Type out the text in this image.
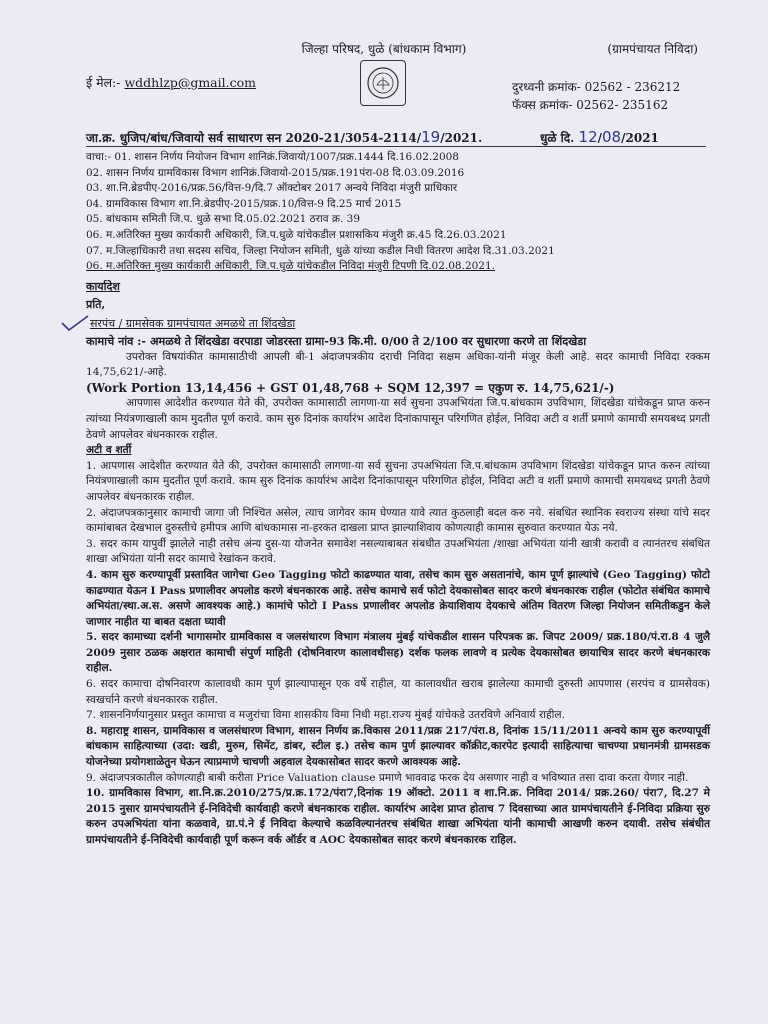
जिल्हा परिषद, धुळे (बांधकाम विभाग)	(ग्रामपंचायत निविदा)
ई मेल:- wddhlzp@gmail.com	दुरध्वनी क्रमांक- 02562 - 236212
फॅक्स क्रमांक- 02562- 235162
जा.क्र. धुजिप/बांध/जिवायो सर्व साधारण सन 2020-21/3054-2114/19/2021.	धुळे दि. 12/08/2021
वाचा:- 01. शासन निर्णय नियोजन विभाग शानिक्रं.जिवायो/1007/प्रक्र.1444 दि.16.02.2008
02. शासन निर्णय ग्रामविकास विभाग शानिक्रं.जिवायो-2015/प्रक्र.191पंरा-08 दि.03.09.2016
03. शा.नि.ब्रेडपीए-2016/प्रक्र.56/वित्त-9/दि.7 ऑक्टोबर 2017 अन्वये निविदा मंजुरी प्राधिकार
04. ग्रामविकास विभाग शा.नि.ब्रेडपीए-2015/प्रक्र.10/वित्त-9 दि.25 मार्च 2015
05. बांधकाम समिती जि.प. धुळे सभा दि.05.02.2021 ठराव क्र. 39
06. म.अतिरिक्त मुख्य कार्यकारी अधिकारी, जि.प.धुळे यांचेकडील प्रशासकिय मंजुरी क्र.45 दि.26.03.2021
07. म.जिल्हाधिकारी तथा सदस्य सचिव, जिल्हा नियोजन समिती, धुळे यांच्या कडील निधी वितरण आदेश दि.31.03.2021
06. म.अतिरिक्त मुख्य कार्यकारी अधिकारी, जि.प.धुळे यांचेकडील निविदा मंजुरी टिपणी दि.02.08.2021.
कार्यादेश
प्रति,
सरपंच / ग्रामसेवक ग्रामपंचायत अमळथे ता शिंदखेडा

कामाचे नांव :- अमळथे ते शिंदखेडा वरपाडा जोडरस्ता ग्रामा-93 कि.मी. 0/00 ते 2/100 वर सुधारणा करणे ता शिंदखेडा

उपरोक्त विषयांकीत कामासाठीची आपली बी-1 अंदाजपत्रकीय दराची निविदा सक्षम अधिका-यांनी मंजूर केली आहे. सदर कामाची निविदा रक्कम 14,75,621/-आहे.

(Work Portion 13,14,456 + GST 01,48,768 + SQM 12,397 = एकुण रु. 14,75,621/-)

आपणास आदेशीत करण्यात येते की, उपरोक्त कामासाठी लागणा-या सर्व सुचना उपअभियंता जि.प.बांधकाम उपविभाग, शिंदखेडा यांचेकडून प्राप्त करुन त्यांच्या नियंत्रणाखाली काम मुदतीत पूर्ण करावे. काम सुरु दिनांक कार्यारंभ आदेश दिनांकापासून परिगणित होईल, निविदा अटी व शर्ती प्रमाणे कामाची समयबध्द प्रगती ठेवणे आपलेवर बंधनकारक राहील.

अटी व शर्ती

1. आपणास आदेशीत करण्यात येते की, उपरोक्त कामासाठी लागणा-या सर्व सुचना उपअभियंता जि.प.बांधकाम उपविभाग शिंदखेडा यांचेकडून प्राप्त करुन त्यांच्या नियंत्रणाखाली काम मुदतीत पूर्ण करावे. काम सुरु दिनांक कार्यारंभ आदेश दिनांकापासून परिगणित होईल, निविदा अटी व शर्ती प्रमाणे कामाची समयबध्द प्रगती ठेवणे आपलेवर बंधनकारक राहील.

2. अंदाजपत्रकानुसार कामाची जागा जी निश्चित असेल, त्याच जागेवर काम घेण्यात यावे त्यात कुठलाही बदल करु नये. संबधित स्थानिक स्वराज्य संस्था यांचे सदर कामांबाबत देखभाल दुरुस्तीचे हमीपत्र आणि बांधकामास ना-हरकत दाखला प्राप्त झाल्याशिवाय कोणत्याही कामास सुरुवात करण्यात येऊ नये.

3. सदर काम यापुर्वी झालेले नाही तसेच अंन्य दुस-या योजनेत समावेश नसल्याबाबत संबधीत उपअभियंता /शाखा अभियंता यांनी खात्री करावी व त्यानंतरच संबधित शाखा अभियंता यांनी सदर कामाचे रेखांकन करावे.

4. काम सुरु करण्यापूर्वी प्रस्तावित जागेचा Geo Tagging फोटो काढण्यात यावा, तसेच काम सुरु असतानांचे, काम पूर्ण झाल्यांचे (Geo Tagging) फोटो काढण्यात येऊन I Pass प्रणालीवर अपलोड करणे बंधनकारक आहे. तसेच कामाचे सर्व फोटो देयकासोबत सादर करणे बंधनकारक राहील (फोटोत संबंधित कामाचे अभियंता/स्था.अ.स. असणे आवश्यक आहे.) कामांचे फोटो I Pass प्रणालीवर अपलोड क्रेयाशिवाय देयकाचे अंतिम वितरण जिल्हा नियोजन समितीकडुन केले जाणार नाहीत या बाबत दक्षता घ्यावी

5. सदर कामाच्या दर्शनी भागासमोर ग्रामविकास व जलसंधारण विभाग मंत्रालय मुंबई यांचेकडील शासन परिपत्रक क्र. जिपट 2009/ प्रक्र.180/पं.रा.8 4 जुलै 2009 नुसार ठळक अक्षरात कामाची संपुर्ण माहिती (दोषनिवारण कालावधीसह) दर्शक फलक लावणे व प्रत्येक देयकासोबत छायाचित्र सादर करणे बंधनकारक राहील.

6. सदर कामाचा दोषनिवारण कालावधी काम पूर्ण झाल्यापासून एक वर्षे राहील, या कालावधीत खराब झालेल्या कामाची दुरुस्ती आपणास (सरपंच व ग्रामसेवक) स्वखर्चाने करणे बंधनकारक राहील.

7. शासननिर्णयानुसार प्रस्तुत कामाचा व मजुरांचा विमा शासकीय विमा निधी महा.राज्य मुंबई यांचेकडे उतरविणे अनिवार्य राहील.

8. महाराष्ट्र शासन, ग्रामविकास व जलसंधारण विभाग, शासन निर्णय क्र.विकास 2011/प्रक्र 217/पंरा.8, दिनांक 15/11/2011 अन्वये काम सुरु करण्यापूर्वी बांधकाम साहित्याच्या (उदा: खडी, मुरुम, सिमेंट, डांबर, स्टील इ.) तसेच काम पुर्ण झाल्यावर कॉक्रीट,कारपेट इत्यादी साहित्याचा चाचण्या प्रधानमंत्री ग्रामसडक योजनेच्या प्रयोगशाळेतुन घेऊन त्याप्रमाणे चाचणी अहवाल देयकासोबत सादर करणे आवश्यक आहे.

9. अंदाजपत्रकातील कोणत्याही बाबी करीता Price Valuation clause प्रमाणे भाववाढ फरक देय असणार नाही व भविष्यात तसा दावा करता येणार नाही.

10. ग्रामविकास विभाग, शा.नि.क्र.2010/275/प्र.क्र.172/पंरा7,दिनांक 19 ऑक्टो. 2011 व शा.नि.क्र. निविदा 2014/ प्रक्र.260/ पंरा7, दि.27 मे 2015 नुसार ग्रामपंचायतीने ई-निविदेची कार्यवाही करणे बंधनकारक राहील. कार्यारंभ आदेश प्राप्त होताच 7 दिवसाच्या आत ग्रामपंचायतीने ई-निविदा प्रक्रिया सुरु करुन उपअभियंता यांना कळवावे, ग्रा.पं.ने ई निविदा केल्याचे कळविल्यानंतरच संबंधित शाखा अभियंता यांनी कामाची आखणी करुन दयावी. तसेच संबंधीत ग्रामपंचायतीने ई-निविदेची कार्यवाही पूर्ण करून वर्क ऑर्डर व AOC देयकासोबत सादर करणे बंधनकारक राहिल.
